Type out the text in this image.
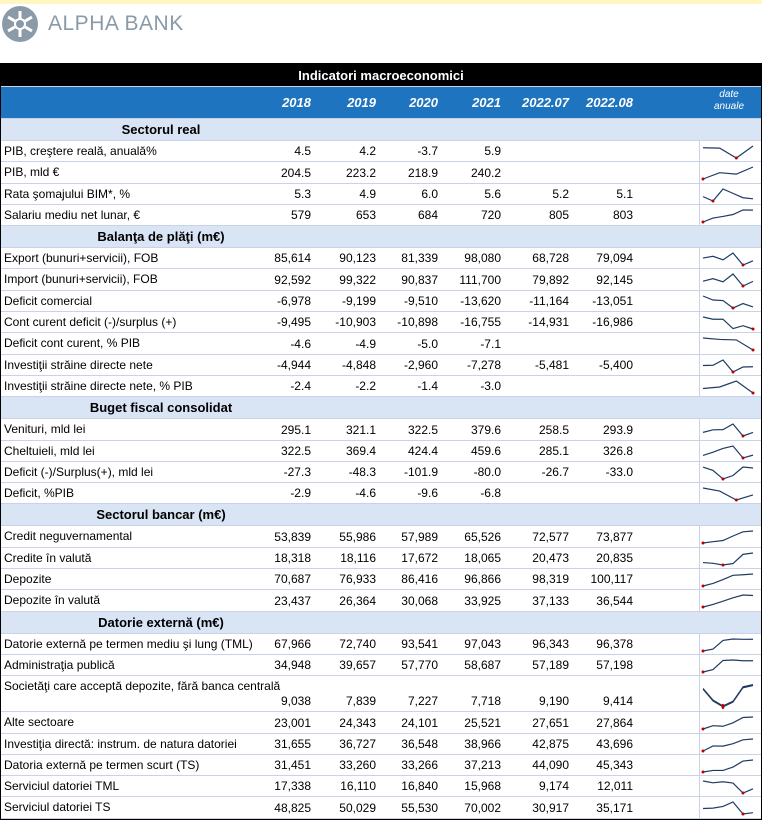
ALPHA BANK
Indicatori macroeconomici
2018	2019	2020	2021	2022.07	2022.08
date
anuale
Sectorul real
PIB, creştere reală, anuală%	4.5	4.2	-3.7	5.9
PIB, mld €	204.5	223.2	218.9	240.2
Rata şomajului BIM*, %	5.3	4.9	6.0	5.6	5.2	5.1
Salariu mediu net lunar, €	579	653	684	720	805	803
Balanţa de plăţi (m€)
Export (bunuri+servicii), FOB	85,614	90,123	81,339	98,080	68,728	79,094
Import (bunuri+servicii), FOB	92,592	99,322	90,837	111,700	79,892	92,145
Deficit comercial	-6,978	-9,199	-9,510	-13,620	-11,164	-13,051
Cont curent deficit (-)/surplus (+)	-9,495	-10,903	-10,898	-16,755	-14,931	-16,986
Deficit cont curent, % PIB	-4.6	-4.9	-5.0	-7.1
Investiţii străine directe nete	-4,944	-4,848	-2,960	-7,278	-5,481	-5,400
Investiţii străine directe nete, % PIB	-2.4	-2.2	-1.4	-3.0
Buget fiscal consolidat
Venituri, mld lei	295.1	321.1	322.5	379.6	258.5	293.9
Cheltuieli, mld lei	322.5	369.4	424.4	459.6	285.1	326.8
Deficit (-)/Surplus(+), mld lei	-27.3	-48.3	-101.9	-80.0	-26.7	-33.0
Deficit, %PIB	-2.9	-4.6	-9.6	-6.8
Sectorul bancar (m€)
Credit neguvernamental	53,839	55,986	57,989	65,526	72,577	73,877
Credite în valută	18,318	18,116	17,672	18,065	20,473	20,835
Depozite	70,687	76,933	86,416	96,866	98,319	100,117
Depozite în valută	23,437	26,364	30,068	33,925	37,133	36,544
Datorie externă (m€)
Datorie externă pe termen mediu şi lung (TML)	67,966	72,740	93,541	97,043	96,343	96,378
Administraţia publică	34,948	39,657	57,770	58,687	57,189	57,198
Societăţi care acceptă depozite, fără banca centrală
9,038	7,839	7,227	7,718	9,190	9,414
Alte sectoare	23,001	24,343	24,101	25,521	27,651	27,864
Investiţia directă: instrum. de natura datoriei	31,655	36,727	36,548	38,966	42,875	43,696
Datoria externă pe termen scurt (TS)	31,451	33,260	33,266	37,213	44,090	45,343
Serviciul datoriei TML	17,338	16,110	16,840	15,968	9,174	12,011
Serviciul datoriei TS	48,825	50,029	55,530	70,002	30,917	35,171
